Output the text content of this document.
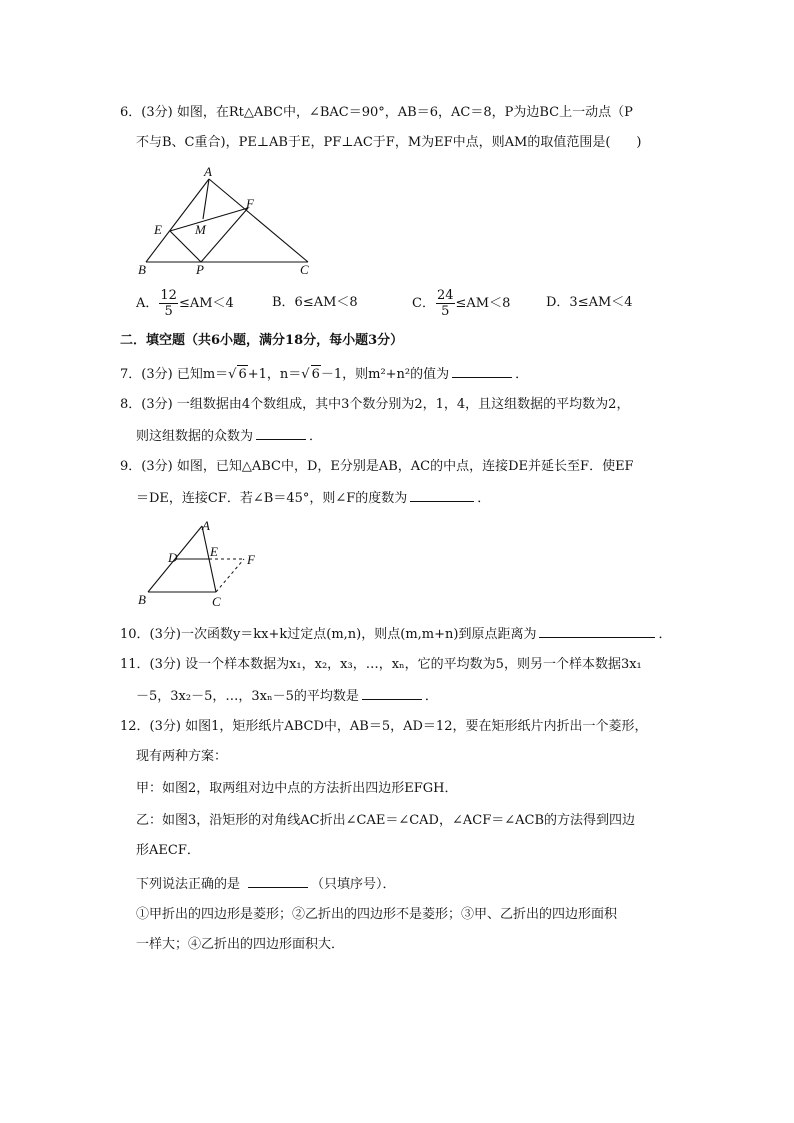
6．(3分) 如图，在Rt△ABC中，∠BAC＝90°，AB＝6，AC＝8，P为边BC上一动点（P
不与B、C重合)，PE⊥AB于E，PF⊥AC于F，M为EF中点，则AM的取值范围是(　　)
A
B	C
E
F
M
P
A． $\frac{12}{5} \le AM<4$	B．6≤AM＜8	C． $\frac{24}{5} \le AM<8$	D．3≤AM＜4
二．填空题（共6小题，满分18分，每小题3分）
7．(3分) 已知m＝√ 6+1，n＝√ 6－1，则m²+n²的值为	．
8．(3分) 一组数据由4个数组成，其中3个数分别为2，1，4，且这组数据的平均数为2，
则这组数据的众数为	．
9．(3分) 如图，已知△ABC中，D，E分别是AB，AC的中点，连接DE并延长至F．使EF
＝DE，连接CF．若∠B＝45°，则∠F的度数为	．
A
B	C
D	E
F
10．(3分)一次函数y＝kx+k过定点(m,n)，则点(m,m+n)到原点距离为	．
11．(3分) 设一个样本数据为x₁，x₂，x₃，…，xₙ，它的平均数为5，则另一个样本数据3x₁
－5，3x₂－5，…，3xₙ－5的平均数是	．
12．(3分) 如图1，矩形纸片ABCD中，AB＝5，AD＝12，要在矩形纸片内折出一个菱形，
现有两种方案：
甲：如图2，取两组对边中点的方法折出四边形EFGH．
乙：如图3，沿矩形的对角线AC折出∠CAE＝∠CAD，∠ACF＝∠ACB的方法得到四边
形AECF．
下列说法正确的是	（只填序号）．
①甲折出的四边形是菱形；②乙折出的四边形不是菱形；③甲、乙折出的四边形面积
一样大；④乙折出的四边形面积大．
